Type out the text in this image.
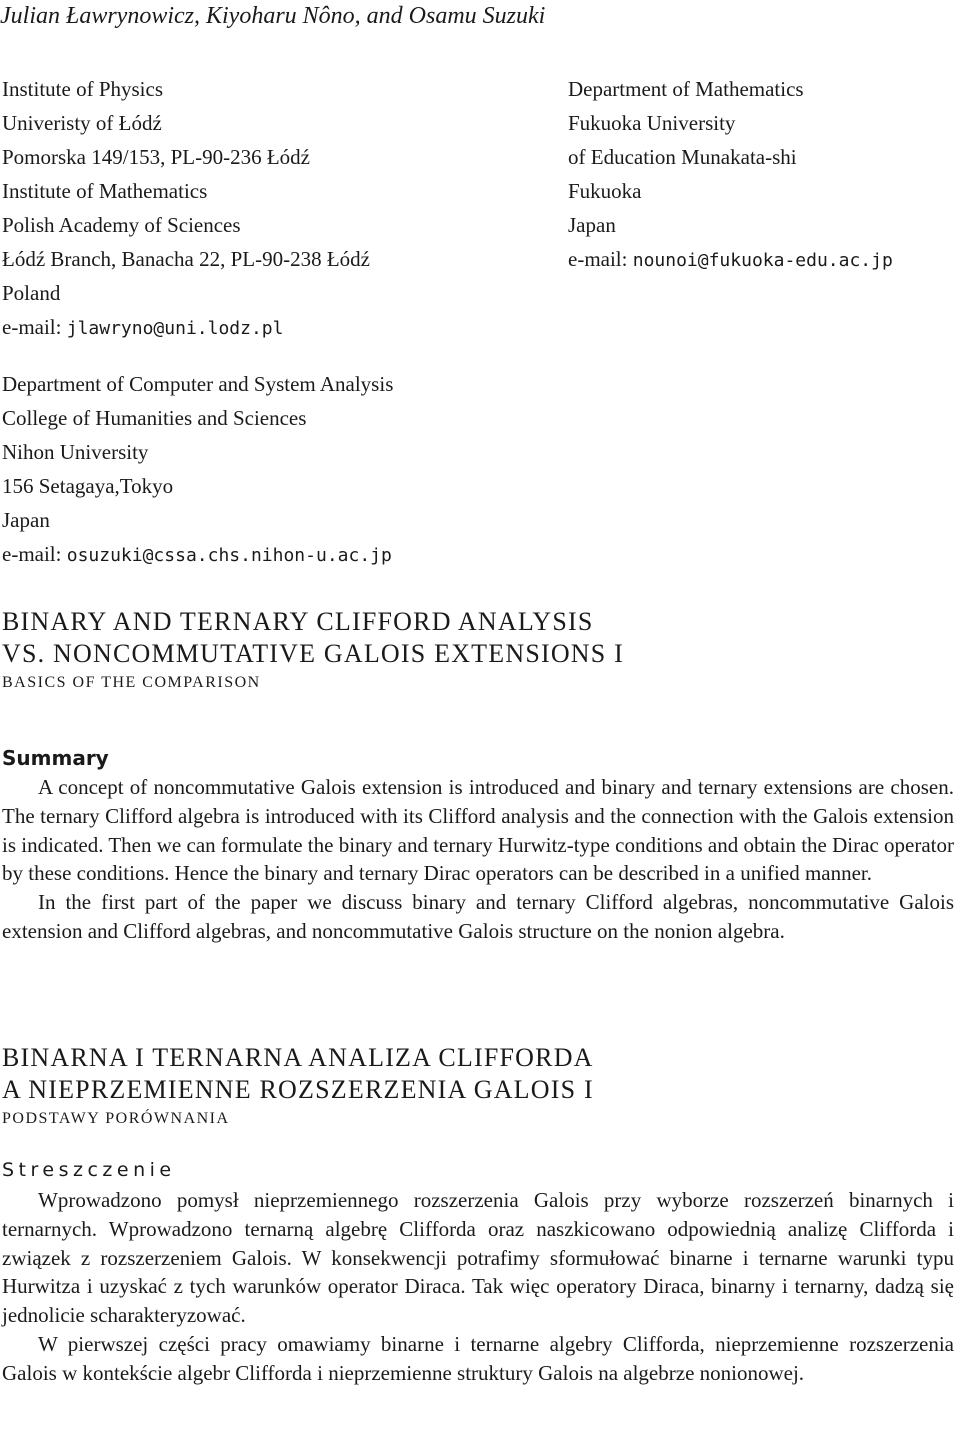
Julian Ławrynowicz, Kiyoharu Nôno, and Osamu Suzuki
Institute of Physics
Univeristy of Łódź
Pomorska 149/153, PL-90-236 Łódź
Institute of Mathematics
Polish Academy of Sciences
Łódź Branch, Banacha 22, PL-90-238 Łódź
Poland
e-mail: jlawryno@uni.lodz.pl
Department of Mathematics
Fukuoka University
of Education Munakata-shi
Fukuoka
Japan
e-mail: nounoi@fukuoka-edu.ac.jp
Department of Computer and System Analysis
College of Humanities and Sciences
Nihon University
156 Setagaya,Tokyo
Japan
e-mail: osuzuki@cssa.chs.nihon-u.ac.jp
BINARY AND TERNARY CLIFFORD ANALYSIS
VS. NONCOMMUTATIVE GALOIS EXTENSIONS I
BASICS OF THE COMPARISON
Summary

A concept of noncommutative Galois extension is introduced and binary and ternary extensions are chosen. The ternary Clifford algebra is introduced with its Clifford analysis and the connection with the Galois extension is indicated. Then we can formulate the binary and ternary Hurwitz-type conditions and obtain the Dirac operator by these conditions. Hence the binary and ternary Dirac operators can be described in a unified manner.

In the first part of the paper we discuss binary and ternary Clifford algebras, noncommutative Galois extension and Clifford algebras, and noncommutative Galois structure on the nonion algebra.

BINARNA I TERNARNA ANALIZA CLIFFORDA
A NIEPRZEMIENNE ROZSZERZENIA GALOIS I
PODSTAWY PORÓWNANIA
Streszczenie

Wprowadzono pomysł nieprzemiennego rozszerzenia Galois przy wyborze rozszerzeń binarnych i ternarnych. Wprowadzono ternarną algebrę Clifforda oraz naszkicowano odpowiednią analizę Clifforda i związek z rozszerzeniem Galois. W konsekwencji potrafimy sformułować binarne i ternarne warunki typu Hurwitza i uzyskać z tych warunków operator Diraca. Tak więc operatory Diraca, binarny i ternarny, dadzą się jednolicie scharakteryzować.

W pierwszej części pracy omawiamy binarne i ternarne algebry Clifforda, nieprzemienne rozszerzenia Galois w kontekście algebr Clifforda i nieprzemienne struktury Galois na algebrze nonionowej.
